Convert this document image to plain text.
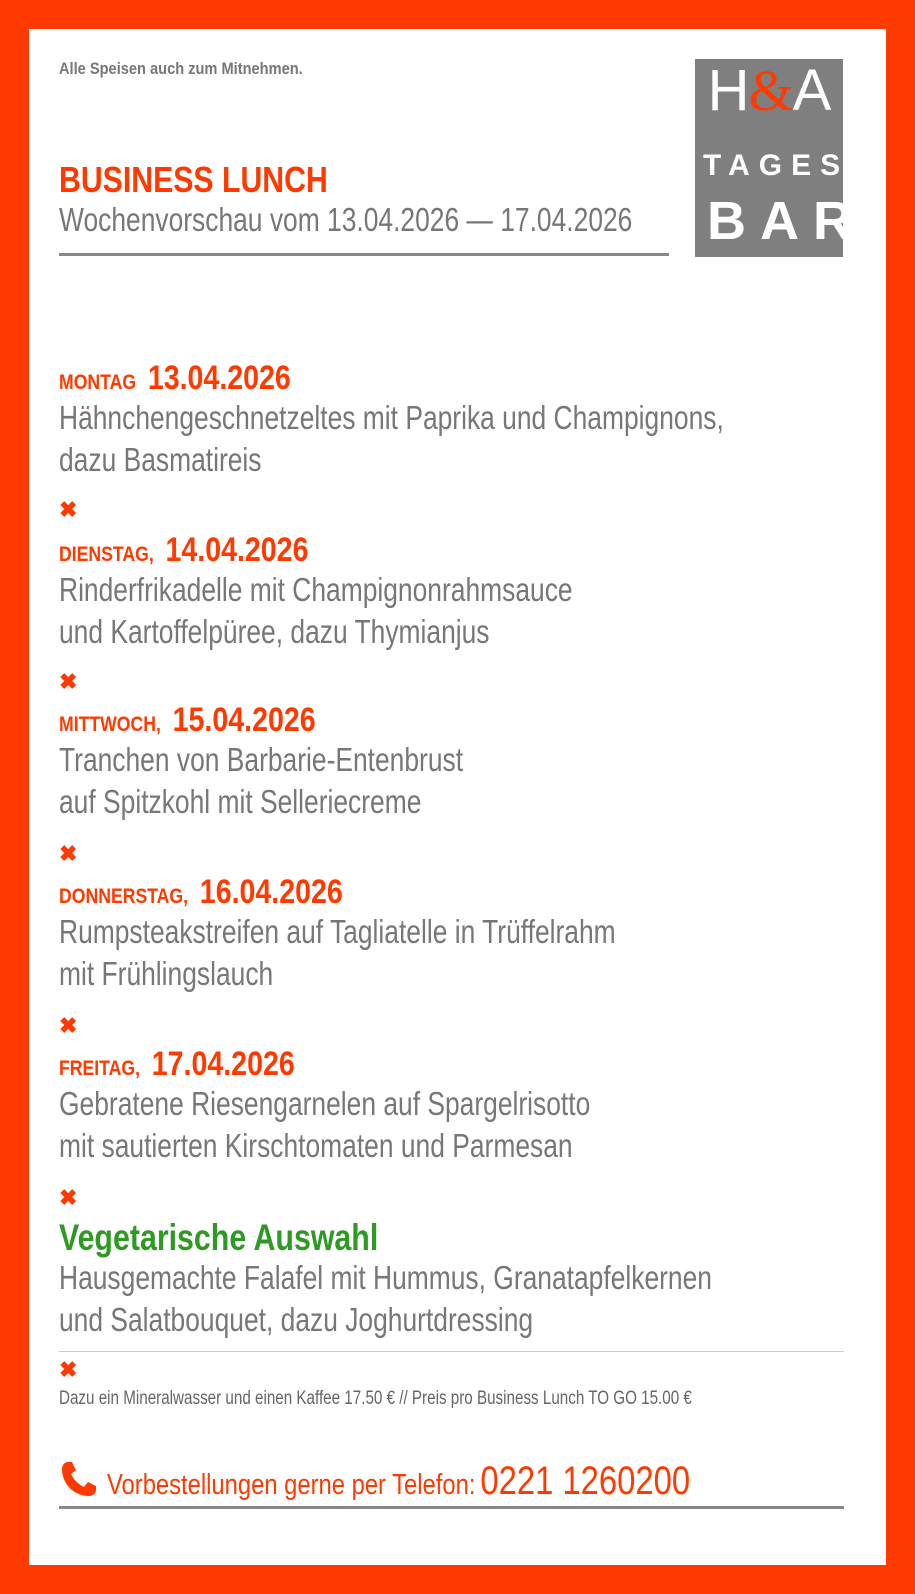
Alle Speisen auch zum Mitnehmen.	H&A
TAGES
BAR
BUSINESS LUNCH
Wochenvorschau vom 13.04.2026 — 17.04.2026
MONTAG 13.04.2026
Hähnchengeschnetzeltes mit Paprika und Champignons,
dazu Basmatireis
✖
DIENSTAG, 14.04.2026
Rinderfrikadelle mit Champignonrahmsauce
und Kartoffelpüree, dazu Thymianjus
✖
MITTWOCH, 15.04.2026
Tranchen von Barbarie-Entenbrust
auf Spitzkohl mit Selleriecreme
✖
DONNERSTAG, 16.04.2026
Rumpsteakstreifen auf Tagliatelle in Trüffelrahm
mit Frühlingslauch
✖
FREITAG, 17.04.2026
Gebratene Riesengarnelen auf Spargelrisotto
mit sautierten Kirschtomaten und Parmesan
✖
Vegetarische Auswahl
Hausgemachte Falafel mit Hummus, Granatapfelkernen
und Salatbouquet, dazu Joghurtdressing
✖
Dazu ein Mineralwasser und einen Kaffee 17.50 € // Preis pro Business Lunch TO GO 15.00 €
Vorbestellungen gerne per Telefon: 0221 1260200
